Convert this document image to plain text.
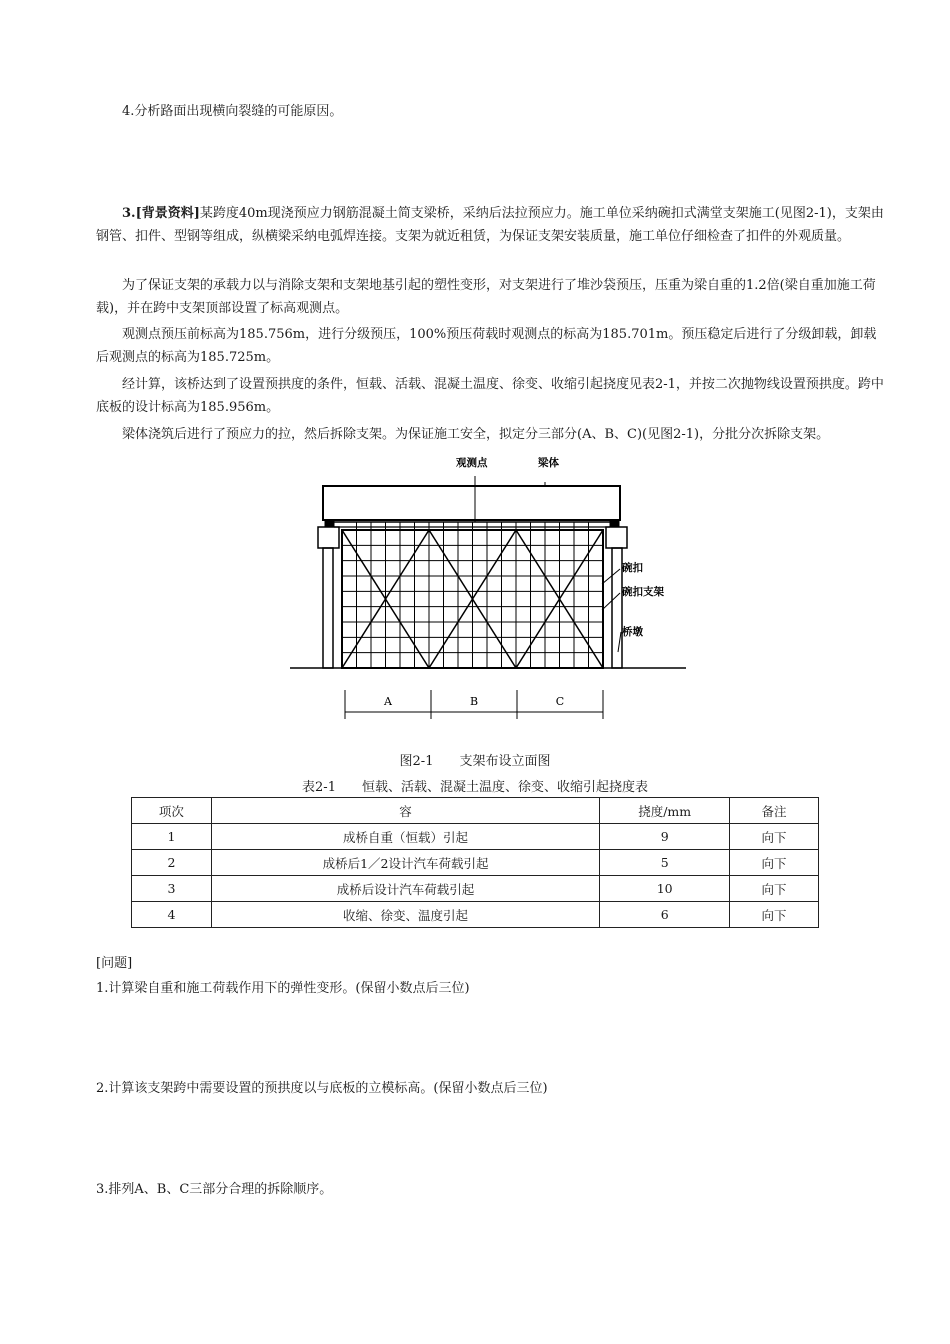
4.分析路面出现横向裂缝的可能原因。

3.[背景资料]某跨度40m现浇预应力钢筋混凝土简支梁桥，采纳后法拉预应力。施工单位采纳碗扣式满堂支架施工(见图2-1)，支架由钢管、扣件、型钢等组成，纵横梁采纳电弧焊连接。支架为就近租赁，为保证支架安装质量，施工单位仔细检查了扣件的外观质量。

为了保证支架的承载力以与消除支架和支架地基引起的塑性变形，对支架进行了堆沙袋预压，压重为梁自重的1.2倍(梁自重加施工荷载)，并在跨中支架顶部设置了标高观测点。

观测点预压前标高为185.756m，进行分级预压，100%预压荷载时观测点的标高为185.701m。预压稳定后进行了分级卸载，卸载后观测点的标高为185.725m。

经计算，该桥达到了设置预拱度的条件，恒载、活载、混凝土温度、徐变、收缩引起挠度见表2-1，并按二次抛物线设置预拱度。跨中底板的设计标高为185.956m。

梁体浇筑后进行了预应力的拉，然后拆除支架。为保证施工安全，拟定分三部分(A、B、C)(见图2-1)，分批分次拆除支架。

观测点	梁体
碗扣
碗扣支架
桥墩
A	B	C
图2-1　　支架布设立面图
表2-1　　恒载、活载、混凝土温度、徐变、收缩引起挠度表
项次	容	挠度/mm	备注
1	成桥自重（恒载）引起	9	向下
2	成桥后1／2设计汽车荷载引起	5	向下
3	成桥后设计汽车荷载引起	10	向下
4	收缩、徐变、温度引起	6	向下

[问题]

1.计算梁自重和施工荷载作用下的弹性变形。(保留小数点后三位)

2.计算该支架跨中需要设置的预拱度以与底板的立模标高。(保留小数点后三位)

3.排列A、B、C三部分合理的拆除顺序。
